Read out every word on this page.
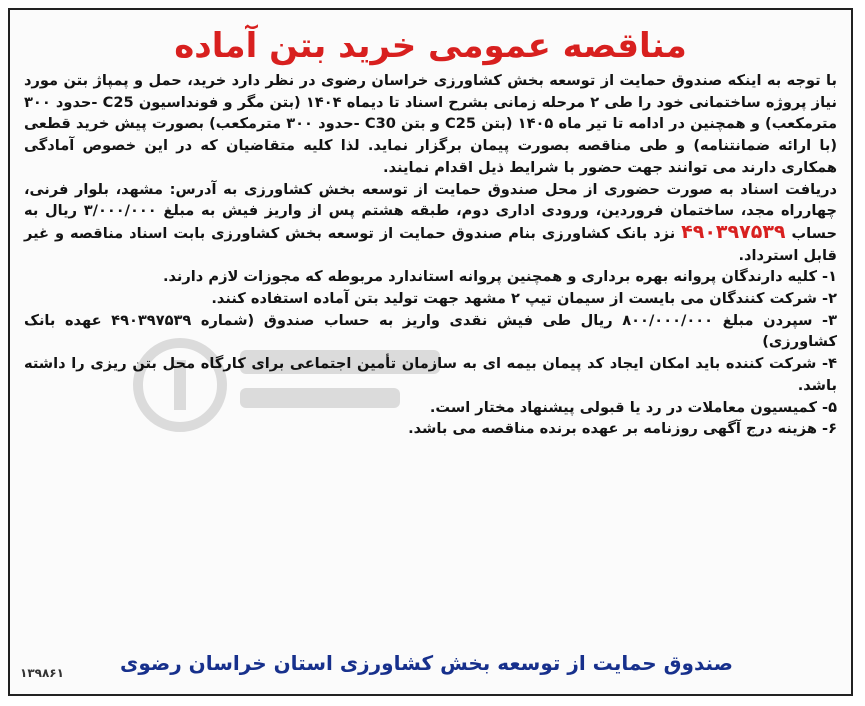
مناقصه عمومی خرید بتن آماده

با توجه به اینکه صندوق حمایت از توسعه بخش کشاورزی خراسان رضوی در نظر دارد خرید، حمل و پمپاژ بتن مورد نیاز پروژه ساختمانی خود را طی ۲ مرحله زمانی بشرح اسناد تا دیماه ۱۴۰۴ (بتن مگر و فونداسیون C25 -حدود ۳۰۰ مترمکعب) و همچنین در ادامه تا تیر ماه ۱۴۰۵ (بتن C25 و بتن C30 -حدود ۳۰۰ مترمکعب) بصورت پیش خرید قطعی (با ارائه ضمانتنامه) و طی مناقصه بصورت پیمان برگزار نماید. لذا کلیه متقاضیان که در این خصوص آمادگی همکاری دارند می توانند جهت حضور با شرایط ذیل اقدام نمایند.

دریافت اسناد به صورت حضوری از محل صندوق حمایت از توسعه بخش کشاورزی به آدرس: مشهد، بلوار فرنی، چهارراه مجد، ساختمان فروردین، ورودی اداری دوم، طبقه هشتم پس از واریز فیش به مبلغ ۳/۰۰۰/۰۰۰ ریال به حساب ۴۹۰۳۹۷۵۳۹ نزد بانک کشاورزی بنام صندوق حمایت از توسعه بخش کشاورزی بابت اسناد مناقصه و غیر قابل استرداد.

۱- کلیه دارندگان پروانه بهره برداری و همچنین پروانه استاندارد مربوطه که مجوزات لازم دارند.

۲- شرکت کنندگان می بایست از سیمان تیپ ۲ مشهد جهت تولید بتن آماده استفاده کنند.

۳- سپردن مبلغ ۸۰۰/۰۰۰/۰۰۰ ریال طی فیش نقدی واریز به حساب صندوق (شماره ۴۹۰۳۹۷۵۳۹ عهده بانک کشاورزی)

۴- شرکت کننده باید امکان ایجاد کد پیمان بیمه ای به سازمان تأمین اجتماعی برای کارگاه محل بتن ریزی را داشته باشد.

۵- کمیسیون معاملات در رد یا قبولی پیشنهاد مختار است.

۶- هزینه درج آگهی روزنامه بر عهده برنده مناقصه می باشد.

صندوق حمایت از توسعه بخش کشاورزی استان خراسان رضوی
۱۳۹۸۶۱
